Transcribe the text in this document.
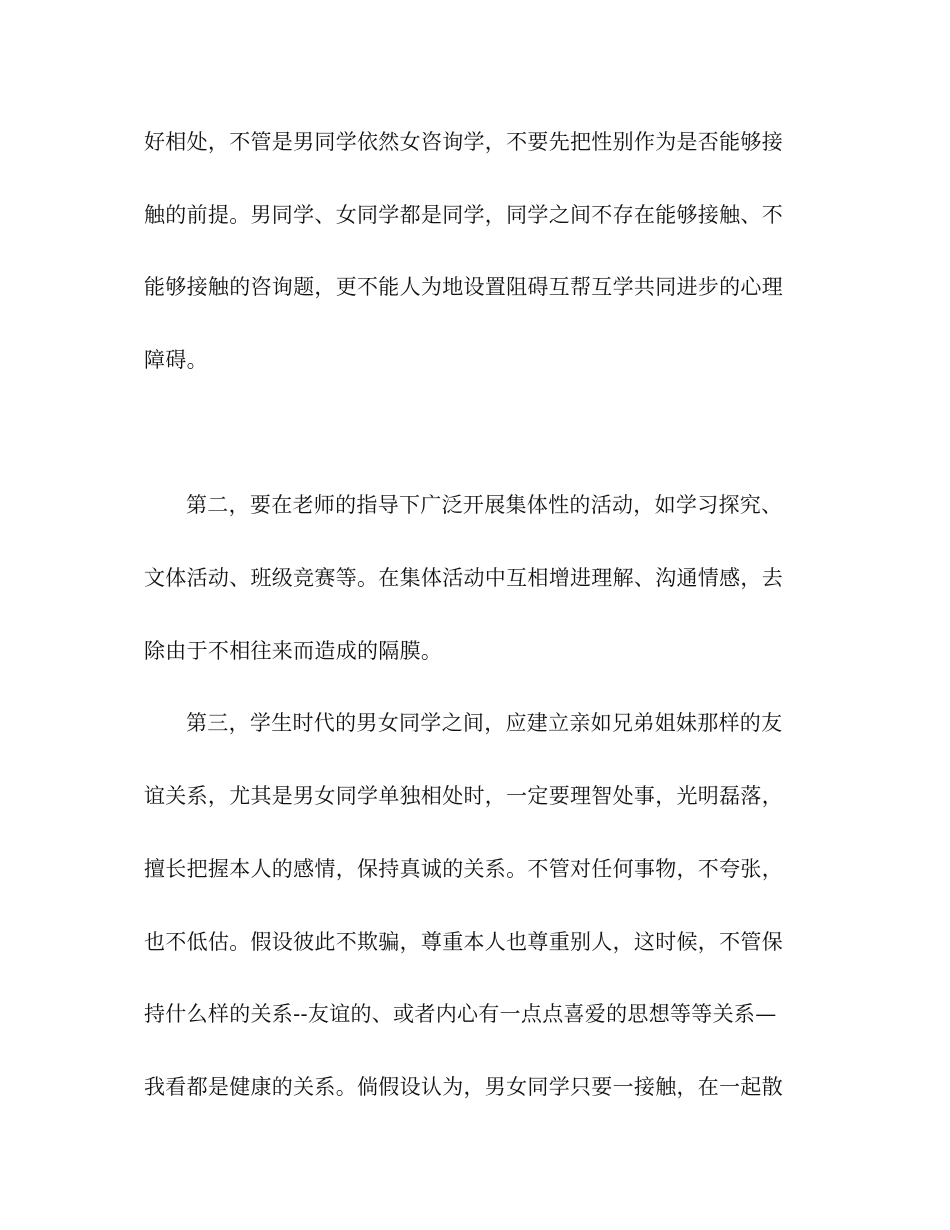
好相处，不管是男同学依然女咨询学，不要先把性别作为是否能够接
触的前提。男同学、女同学都是同学，同学之间不存在能够接触、不
能够接触的咨询题，更不能人为地设置阻碍互帮互学共同进步的心理
障碍。
第二，要在老师的指导下广泛开展集体性的活动，如学习探究、
文体活动、班级竞赛等。在集体活动中互相增进理解、沟通情感，去
除由于不相往来而造成的隔膜。
第三，学生时代的男女同学之间，应建立亲如兄弟姐妹那样的友
谊关系，尤其是男女同学单独相处时，一定要理智处事，光明磊落，
擅长把握本人的感情，保持真诚的关系。不管对任何事物，不夸张，
也不低估。假设彼此不欺骗，尊重本人也尊重别人，这时候，不管保
持什么样的关系--友谊的、或者内心有一点点喜爱的思想等等关系—
我看都是健康的关系。倘假设认为，男女同学只要一接触，在一起散
